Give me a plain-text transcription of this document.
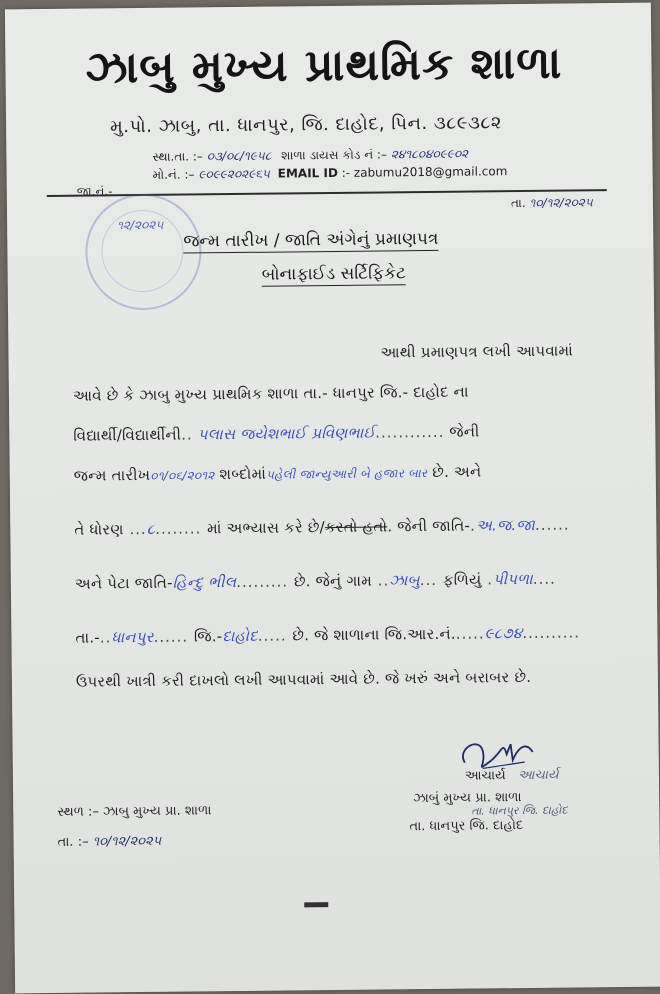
ઝાબુ મુખ્ય પ્રાથમિક શાળા
મુ.પો. ઝાબુ, તા. ધાનપુર, જિ. દાહોદ, પિન. ૩૮૯૩૮૨
સ્થા.તા. :– ૦૩/૦૮/૧૯૫૮ શાળા ડાયસ કોડ નં :– ૨૪૧૮૦૪૦૯૯૦૨
મો.નં. :– ૯૦૯૯૨૦૨૯૬૫ EMAIL ID :- zabumu2018@gmail.com
જા.નં.-
તા. ૧૦/૧૨/૨૦૨૫
૧૨/૨૦૨૫
જન્મ તારીખ / જાતિ અંગેનું પ્રમાણપત્ર
બોનાફાઈડ સર્ટિફિકેટ
આથી પ્રમાણપત્ર લખી આપવામાં
આવે છે કે ઝાબુ મુખ્ય પ્રાથમિક શાળા તા.- ધાનપુર જિ.- દાહોદ ના
વિદ્યાર્થી/વિદ્યાર્થીની.. પલાસ જયેશભાઈ પ્રવિણભાઈ............ જેની
જન્મ તારીખ૦૧/૦૬/૨૦૧૨ શબ્દોમાંપહેલી જાન્યુઆરી બે હજાર બાર છે. અને
તે ધોરણ ...૮........ માં અભ્યાસ કરે છે/કરતો હતો. જેની જાતિ-.અ.જ.જા......
અને પેટા જાતિ-હિન્દુ ભીલ......... છે. જેનું ગામ ..ઝાબુ... ફળિયું .પીપળા....
તા.-..ધાનપુર...... જિ.-દાહોદ..... છે. જે શાળાના જિ.આર.નં......૯૮૭૪..........
ઉપરથી ખાત્રી કરી દાખલો લખી આપવામાં આવે છે. જે ખરું અને બરાબર છે.
આચાર્ય આચાર્ય
ઝાબું મુખ્ય પ્રા. શાળા
તા. ધાનપુર જિ. દાહોદ
તા. ધાનપુર જિ. દાહોદ
સ્થળ :– ઝાબુ મુખ્ય પ્રા. શાળા
તા. :– ૧૦/૧૨/૨૦૨૫
